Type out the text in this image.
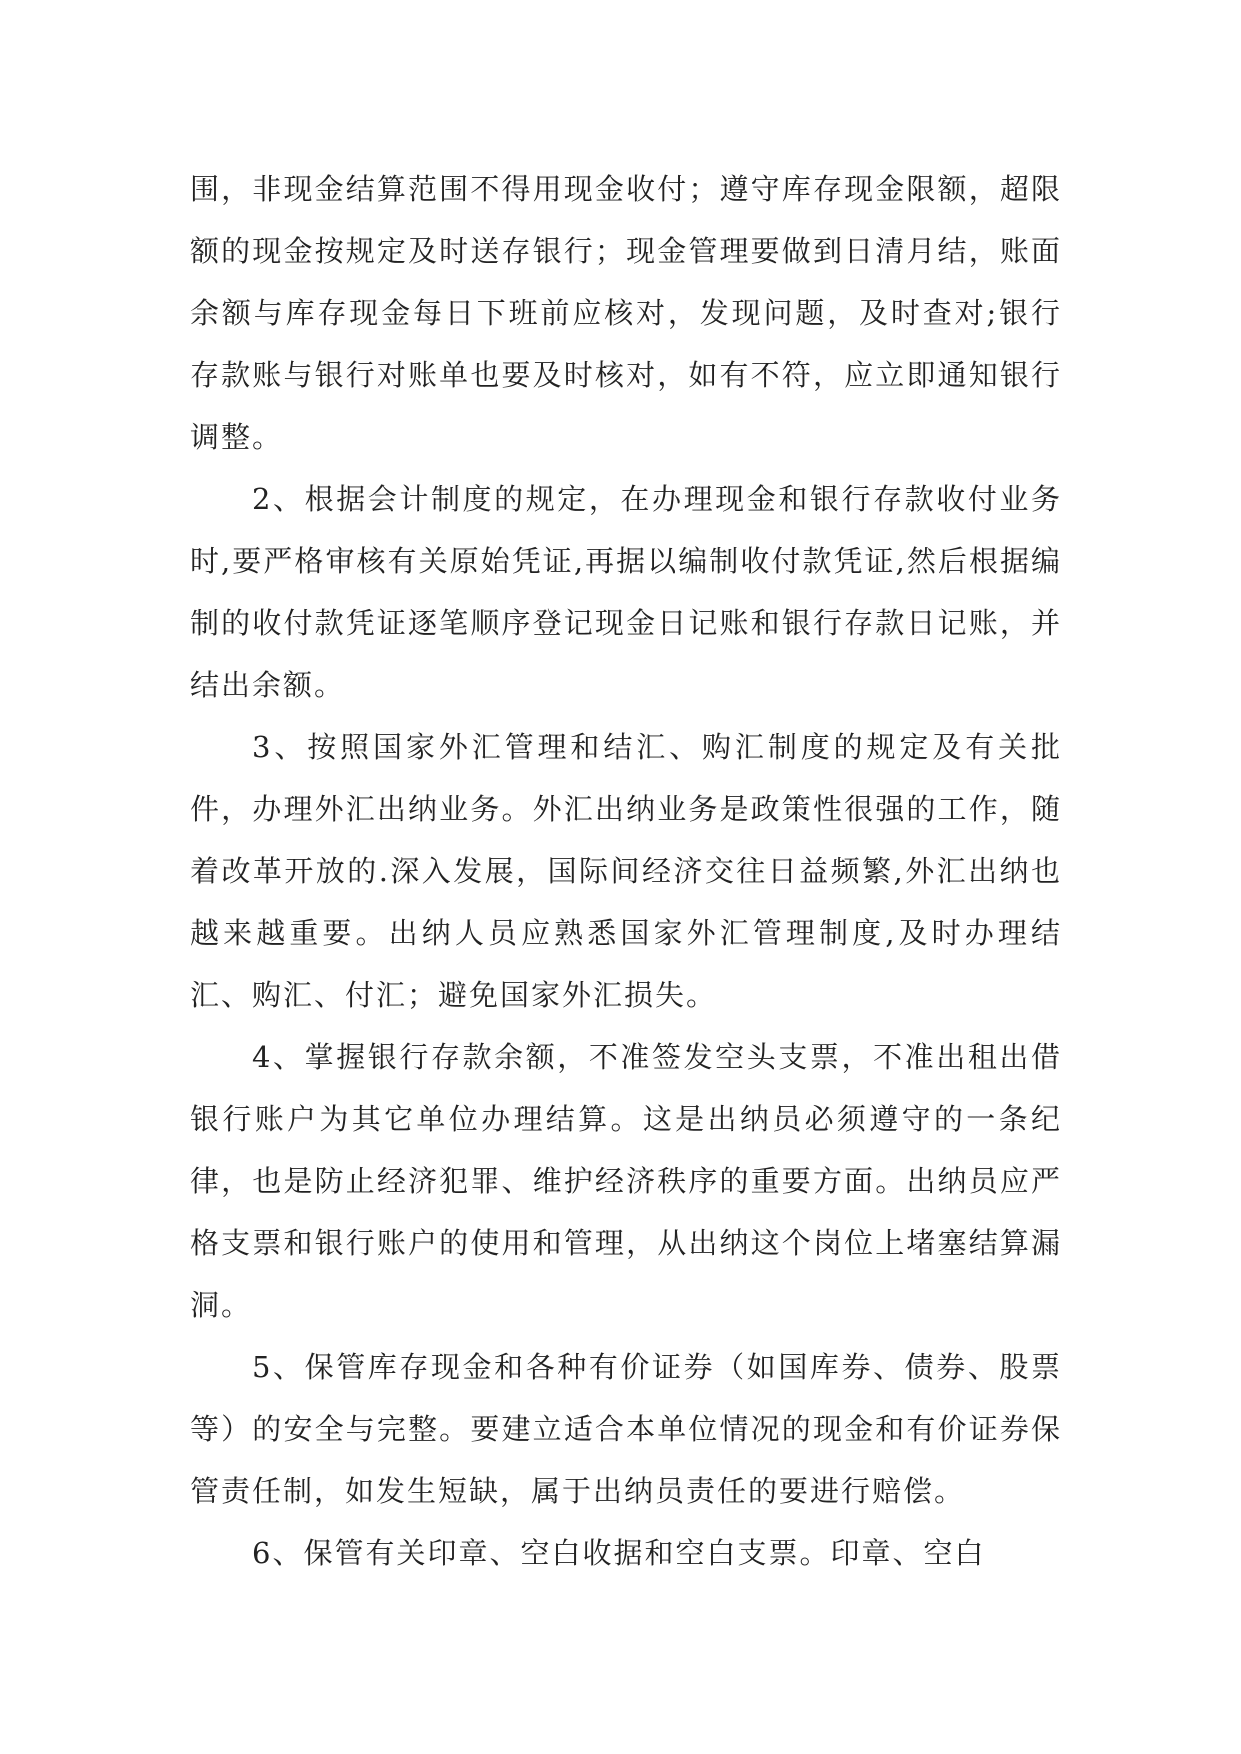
围，非现金结算范围不得用现金收付；遵守库存现金限额，超限额的现金按规定及时送存银行；现金管理要做到日清月结，账面余额与库存现金每日下班前应核对，发现问题，及时查对;银行存款账与银行对账单也要及时核对，如有不符，应立即通知银行调整。

2、根据会计制度的规定，在办理现金和银行存款收付业务时,要严格审核有关原始凭证,再据以编制收付款凭证,然后根据编制的收付款凭证逐笔顺序登记现金日记账和银行存款日记账，并结出余额。

3、按照国家外汇管理和结汇、购汇制度的规定及有关批件，办理外汇出纳业务。外汇出纳业务是政策性很强的工作，随着改革开放的.深入发展，国际间经济交往日益频繁,外汇出纳也越来越重要。出纳人员应熟悉国家外汇管理制度,及时办理结汇、购汇、付汇；避免国家外汇损失。

4、掌握银行存款余额，不准签发空头支票，不准出租出借银行账户为其它单位办理结算。这是出纳员必须遵守的一条纪律，也是防止经济犯罪、维护经济秩序的重要方面。出纳员应严格支票和银行账户的使用和管理，从出纳这个岗位上堵塞结算漏洞。

5、保管库存现金和各种有价证券（如国库券、债券、股票等）的安全与完整。要建立适合本单位情况的现金和有价证券保管责任制，如发生短缺，属于出纳员责任的要进行赔偿。

6、保管有关印章、空白收据和空白支票。印章、空白
